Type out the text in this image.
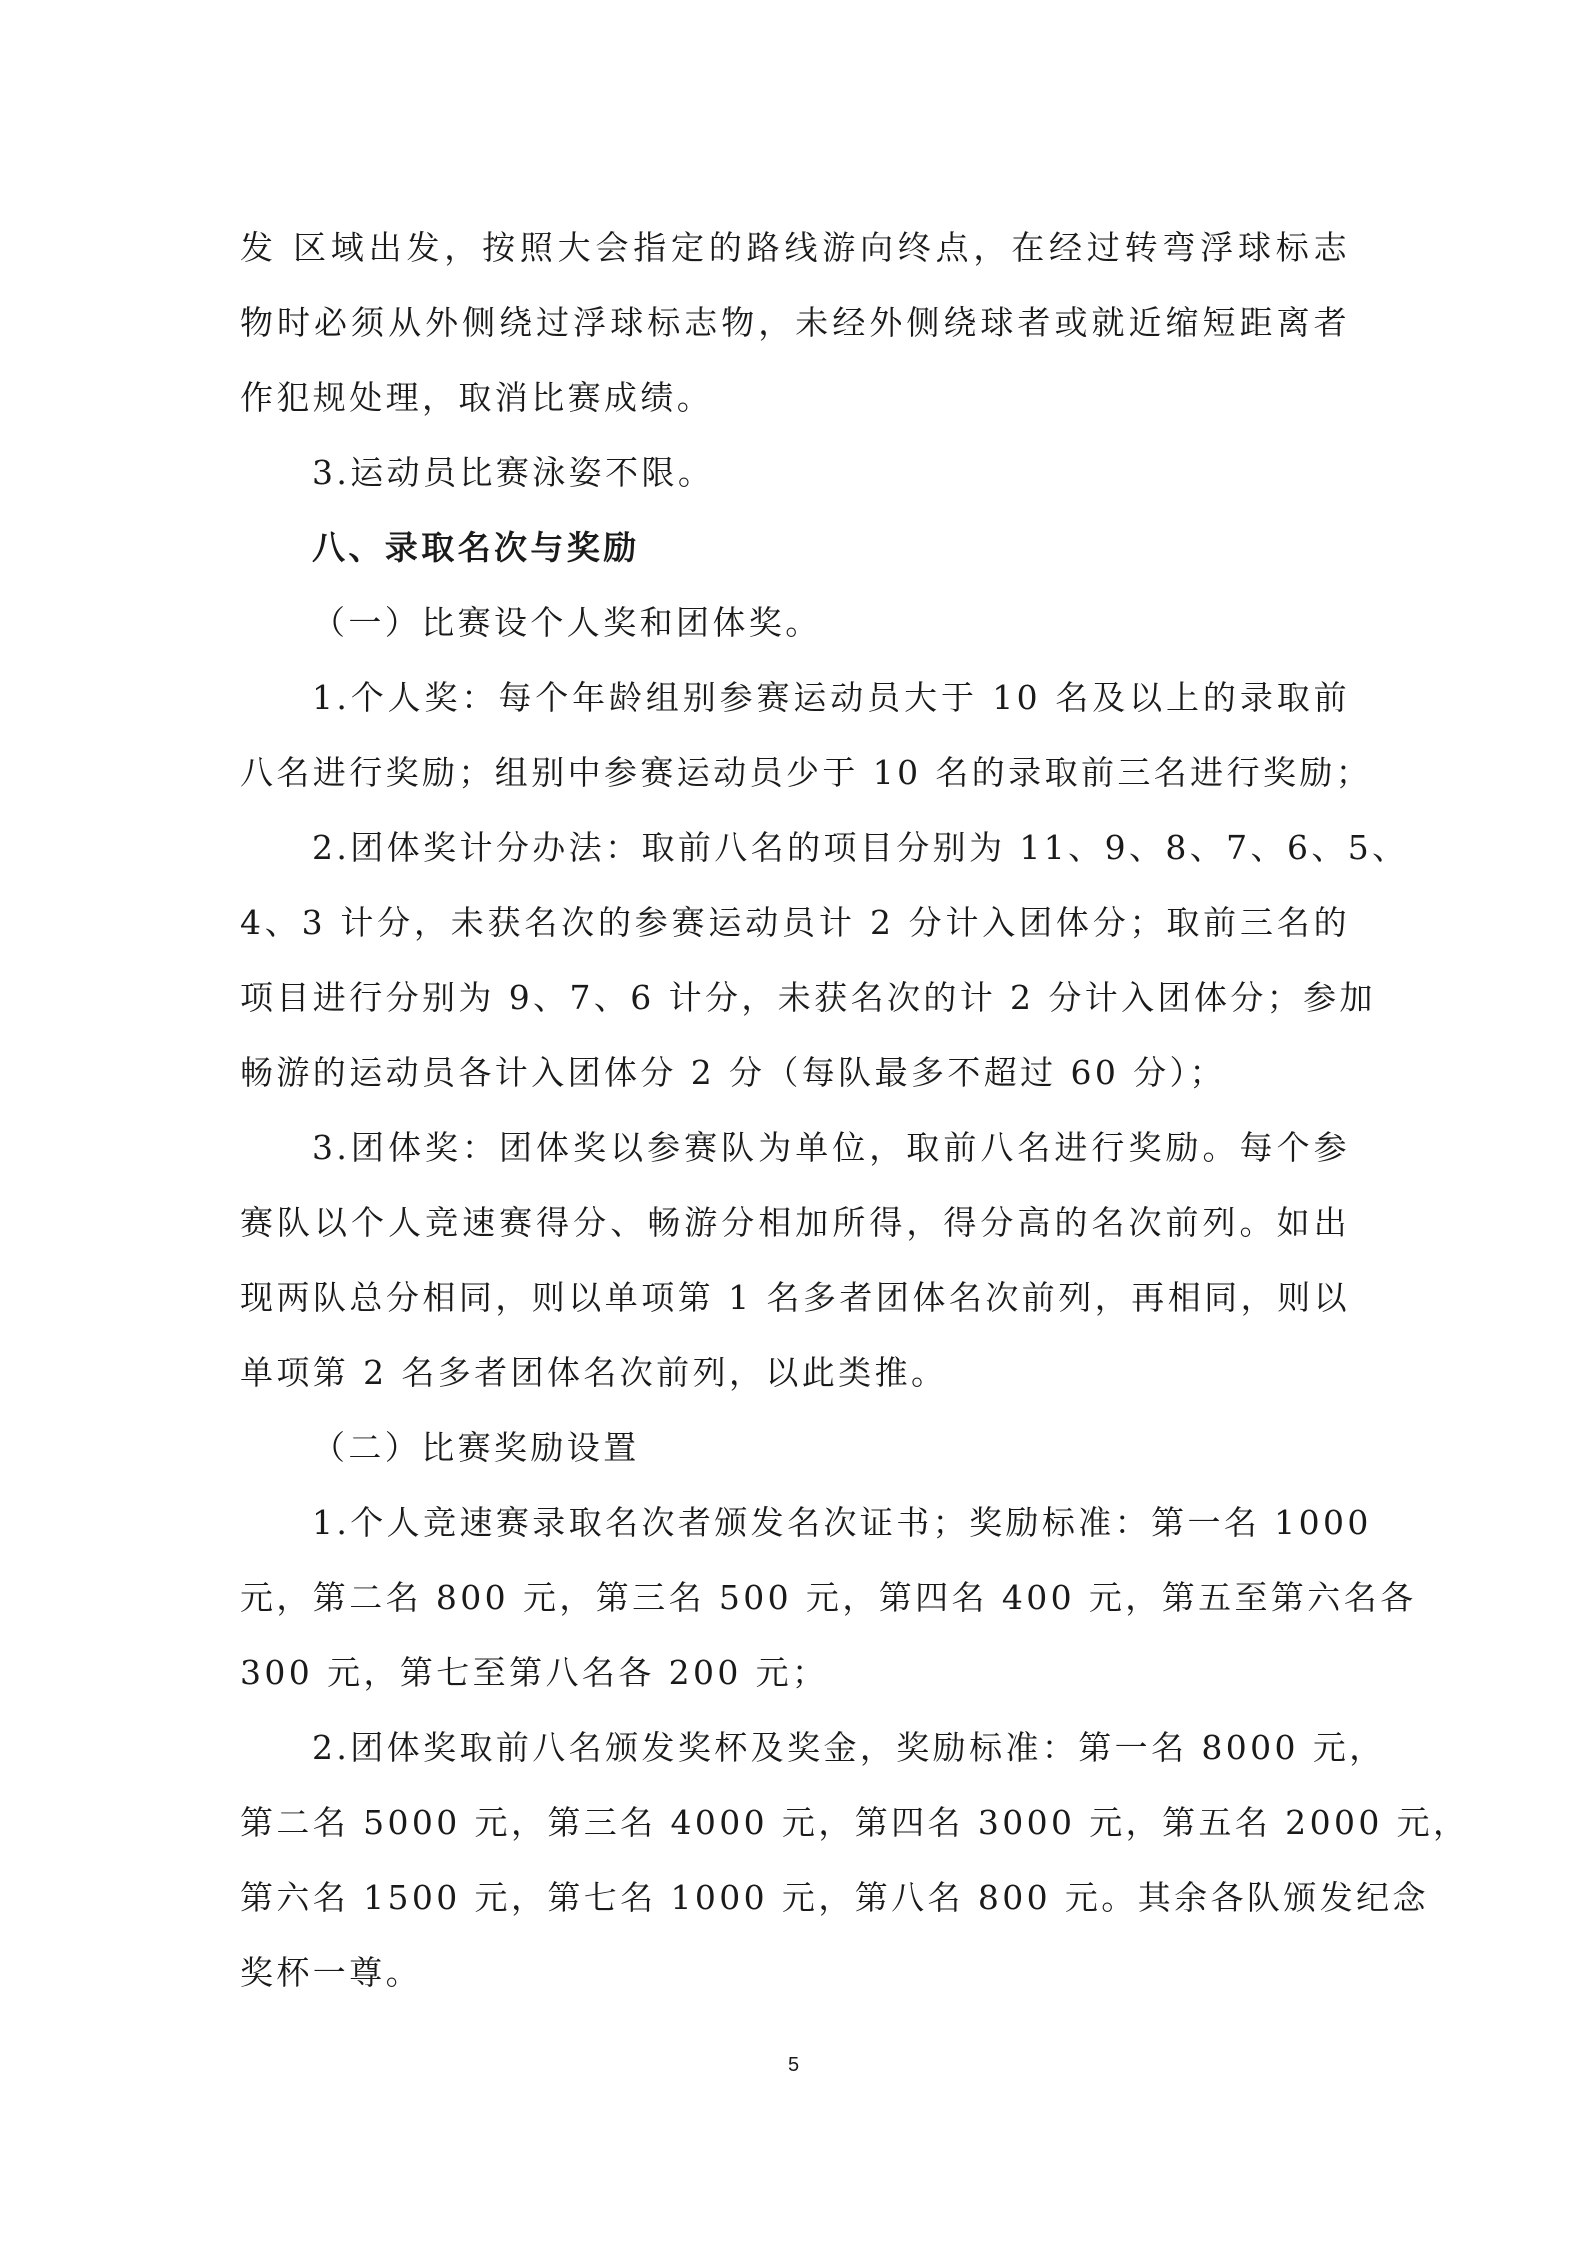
发 区域出发，按照大会指定的路线游向终点，在经过转弯浮球标志

物时必须从外侧绕过浮球标志物，未经外侧绕球者或就近缩短距离者

作犯规处理，取消比赛成绩。

3.运动员比赛泳姿不限。

八、录取名次与奖励

（一）比赛设个人奖和团体奖。

1.个人奖：每个年龄组别参赛运动员大于 10 名及以上的录取前

八名进行奖励；组别中参赛运动员少于 10 名的录取前三名进行奖励；

2.团体奖计分办法：取前八名的项目分别为 11、9、8、7、6、5、

4、3 计分，未获名次的参赛运动员计 2 分计入团体分；取前三名的

项目进行分别为 9、7、6 计分，未获名次的计 2 分计入团体分；参加

畅游的运动员各计入团体分 2 分（每队最多不超过 60 分）；

3.团体奖：团体奖以参赛队为单位，取前八名进行奖励。每个参

赛队以个人竞速赛得分、畅游分相加所得，得分高的名次前列。如出

现两队总分相同，则以单项第 1 名多者团体名次前列，再相同，则以

单项第 2 名多者团体名次前列，以此类推。

（二）比赛奖励设置

1.个人竞速赛录取名次者颁发名次证书；奖励标准：第一名 1000

元，第二名 800 元，第三名 500 元，第四名 400 元，第五至第六名各

300 元，第七至第八名各 200 元；

2.团体奖取前八名颁发奖杯及奖金，奖励标准：第一名 8000 元，

第二名 5000 元，第三名 4000 元，第四名 3000 元，第五名 2000 元，

第六名 1500 元，第七名 1000 元，第八名 800 元。其余各队颁发纪念

奖杯一尊。

5
